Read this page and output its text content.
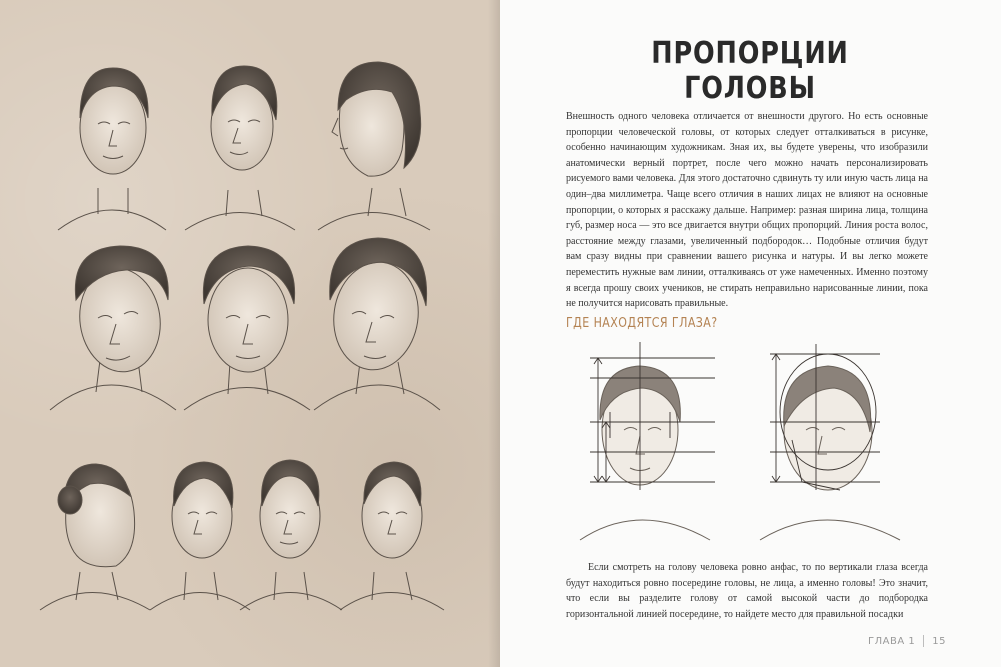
ПРОПОРЦИИ ГОЛОВЫ
Внешность одного человека отличается от внешности другого. Но есть основные пропорции человеческой головы, от которых следует отталкиваться в рисунке, особенно начинающим художникам. Зная их, вы будете уверены, что изобразили анатомически верный портрет, после чего можно начать персонализировать рисуемого вами человека. Для этого достаточно сдвинуть ту или иную часть лица на один–два миллиметра. Чаще всего отличия в наших лицах не влияют на основные пропорции, о которых я расскажу дальше. Например: разная ширина лица, толщина губ, размер носа — это все двигается внутри общих пропорций. Линия роста волос, расстояние между глазами, увеличенный подбородок… Подобные отличия будут вам сразу видны при сравнении вашего рисунка и натуры. И вы легко можете переместить нужные вам линии, отталкиваясь от уже намеченных. Именно поэтому я всегда прошу своих учеников, не стирать неправильно нарисованные линии, пока не получится нарисовать правильные.
ГДЕ НАХОДЯТСЯ ГЛАЗА?
Если смотреть на голову человека ровно анфас, то по вертикали глаза всегда будут находиться ровно посередине головы, не лица, а именно головы! Это значит, что если вы разделите голову от самой высокой части до подбородка горизонтальной линией посередине, то найдете место для правильной посадки
ГЛАВА 1 15
